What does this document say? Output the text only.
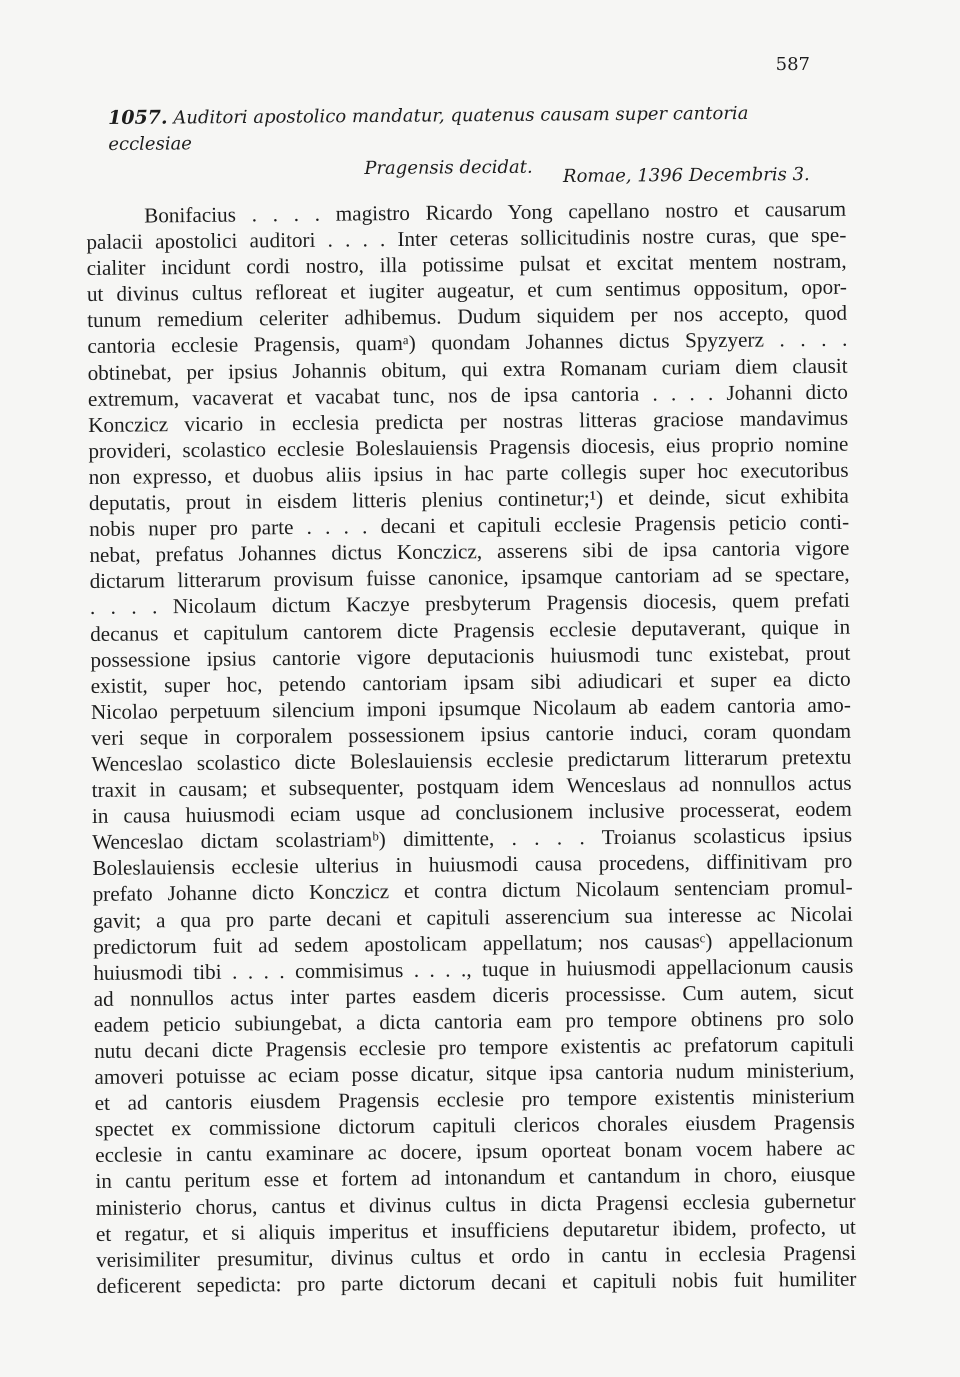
587
1057. Auditori apostolico mandatur, quatenus causam super cantoria ecclesiae
Pragensis decidat.	Romae, 1396 Decembris 3.
Bonifacius . . . . magistro Ricardo Yong capellano nostro et causarum
palacii apostolici auditori . . . . Inter ceteras sollicitudinis nostre curas, que spe-
cialiter incidunt cordi nostro, illa potissime pulsat et excitat mentem nostram,
ut divinus cultus refloreat et iugiter augeatur, et cum sentimus oppositum, opor-
tunum remedium celeriter adhibemus. Dudum siquidem per nos accepto, quod
cantoria ecclesie Pragensis, quamᵃ) quondam Johannes dictus Spyzyerz . . . .
obtinebat, per ipsius Johannis obitum, qui extra Romanam curiam diem clausit
extremum, vacaverat et vacabat tunc, nos de ipsa cantoria . . . . Johanni dicto
Konczicz vicario in ecclesia predicta per nostras litteras graciose mandavimus
provideri, scolastico ecclesie Boleslauiensis Pragensis diocesis, eius proprio nomine
non expresso, et duobus aliis ipsius in hac parte collegis super hoc executoribus
deputatis, prout in eisdem litteris plenius continetur;¹) et deinde, sicut exhibita
nobis nuper pro parte . . . . decani et capituli ecclesie Pragensis peticio conti-
nebat, prefatus Johannes dictus Konczicz, asserens sibi de ipsa cantoria vigore
dictarum litterarum provisum fuisse canonice, ipsamque cantoriam ad se spectare,
. . . . Nicolaum dictum Kaczye presbyterum Pragensis diocesis, quem prefati
decanus et capitulum cantorem dicte Pragensis ecclesie deputaverant, quique in
possessione ipsius cantorie vigore deputacionis huiusmodi tunc existebat, prout
existit, super hoc, petendo cantoriam ipsam sibi adiudicari et super ea dicto
Nicolao perpetuum silencium imponi ipsumque Nicolaum ab eadem cantoria amo-
veri seque in corporalem possessionem ipsius cantorie induci, coram quondam
Wenceslao scolastico dicte Boleslauiensis ecclesie predictarum litterarum pretextu
traxit in causam; et subsequenter, postquam idem Wenceslaus ad nonnullos actus
in causa huiusmodi eciam usque ad conclusionem inclusive processerat, eodem
Wenceslao dictam scolastriamᵇ) dimittente, . . . . Troianus scolasticus ipsius
Boleslauiensis ecclesie ulterius in huiusmodi causa procedens, diffinitivam pro
prefato Johanne dicto Konczicz et contra dictum Nicolaum sentenciam promul-
gavit; a qua pro parte decani et capituli asserencium sua interesse ac Nicolai
predictorum fuit ad sedem apostolicam appellatum; nos causasᶜ) appellacionum
huiusmodi tibi . . . . commisimus . . . ., tuque in huiusmodi appellacionum causis
ad nonnullos actus inter partes easdem diceris processisse. Cum autem, sicut
eadem peticio subiungebat, a dicta cantoria eam pro tempore obtinens pro solo
nutu decani dicte Pragensis ecclesie pro tempore existentis ac prefatorum capituli
amoveri potuisse ac eciam posse dicatur, sitque ipsa cantoria nudum ministerium,
et ad cantoris eiusdem Pragensis ecclesie pro tempore existentis ministerium
spectet ex commissione dictorum capituli clericos chorales eiusdem Pragensis
ecclesie in cantu examinare ac docere, ipsum oporteat bonam vocem habere ac
in cantu peritum esse et fortem ad intonandum et cantandum in choro, eiusque
ministerio chorus, cantus et divinus cultus in dicta Pragensi ecclesia gubernetur
et regatur, et si aliquis imperitus et insufficiens deputaretur ibidem, profecto, ut
verisimiliter presumitur, divinus cultus et ordo in cantu in ecclesia Pragensi
deficerent sepedicta: pro parte dictorum decani et capituli nobis fuit humiliter
